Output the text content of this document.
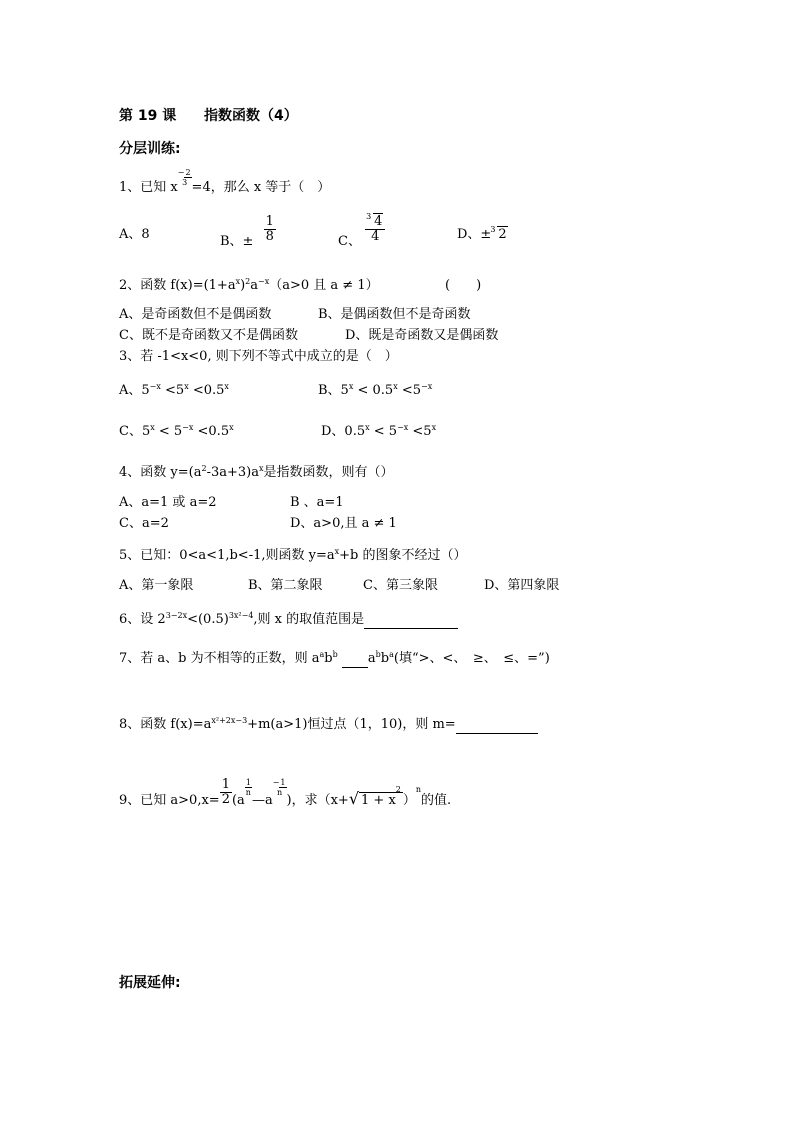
第 19 课 指数函数（4）
分层训练:
1、已知 x−2
3 =4，那么 x 等于（　）
A、8	B、± $\frac{1}{8}$	C、 $\frac{3 4}{4}$	D、± 3 2
2、函数 $f(x)=(1+a^x)^2a^{-x}(a>0$ 且 a ≠ 1）	(　　)
A、是奇函数但不是偶函数	B、是偶函数但不是奇函数
C、既不是奇函数又不是偶函数	D、既是奇函数又是偶函数
3、若 -1<x<0, 则下列不等式中成立的是（　）
A、$5^{-x} <5^x <0.5^x$	B、$5^x < 0.5^x <5^{-x}$
C、$5^x < 5^{-x} <0.5^x$	D、$0.5^x < 5^{-x} <5^x$
4、函数 $y=(a^2-3a+3)a^x$是指数函数，则有（）
A、a=1 或 a=2	B 、a=1
C、a=2	D、a>0,且 a ≠ 1
5、已知：0<a<1,b<-1,则函数 $y=a^x+b$ 的图象不经过（）
A、第一象限	B、第二象限	C、第三象限	D、第四象限
6、设 $2^{3-2x}<(0.5)^{3x^2-4}$,则 x 的取值范围是
7、若 a、b 为不相等的正数，则 $a^ab^b$ $a^bb^a$(填“>、<、　≥、　≤、=”)
8、函数 $f(x)=a^{x^2+2x-3}+m(a>1)$恒过点（1，10)，则 m=
9、已知 $a>0,x= \frac{1}{2} (a$
$\frac{1}{n}$
—a−1
n
)，求（x+√ $1 + x^2)^n$的值.
拓展延伸:
